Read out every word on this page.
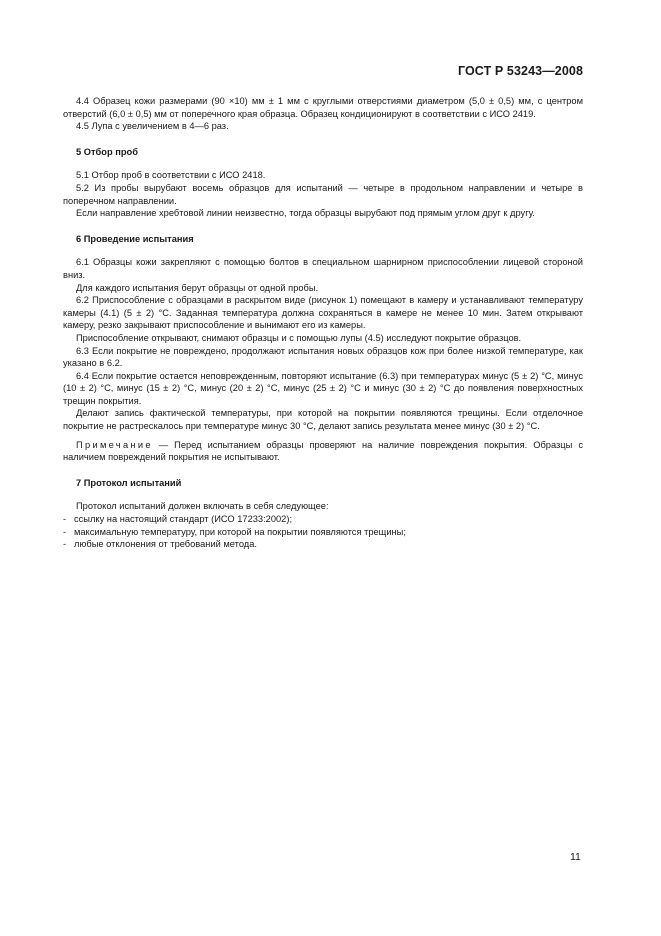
ГОСТ Р 53243—2008

4.4 Образец кожи размерами (90 ×10) мм ± 1 мм с круглыми отверстиями диаметром (5,0 ± 0,5) мм, с центром отверстий (6,0 ± 0,5) мм от поперечного края образца. Образец кондиционируют в соответствии с ИСО 2419.

4.5 Лупа с увеличением в 4—6 раз.

5 Отбор проб

5.1 Отбор проб в соответствии с ИСО 2418.

5.2 Из пробы вырубают восемь образцов для испытаний — четыре в продольном направлении и четыре в поперечном направлении.

Если направление хребтовой линии неизвестно, тогда образцы вырубают под прямым углом друг к другу.

6 Проведение испытания

6.1 Образцы кожи закрепляют с помощью болтов в специальном шарнирном приспособлении лицевой стороной вниз.

Для каждого испытания берут образцы от одной пробы.

6.2 Приспособление с образцами в раскрытом виде (рисунок 1) помещают в камеру и устанавливают температуру камеры (4.1) (5 ± 2) °С. Заданная температура должна сохраняться в камере не менее 10 мин. Затем открывают камеру, резко закрывают приспособление и вынимают его из камеры.

Приспособление открывают, снимают образцы и с помощью лупы (4.5) исследуют покрытие образцов.

6.3 Если покрытие не повреждено, продолжают испытания новых образцов кож при более низкой температуре, как указано в 6.2.

6.4 Если покрытие остается неповрежденным, повторяют испытание (6.3) при температурах минус (5 ± 2) °С, минус (10 ± 2) °С, минус (15 ± 2) °С, минус (20 ± 2) °С, минус (25 ± 2) °С и минус (30 ± 2) °С до появления поверхностных трещин покрытия.

Делают запись фактической температуры, при которой на покрытии появляются трещины. Если отделочное покрытие не растрескалось при температуре минус 30 °С, делают запись результата менее минус (30 ± 2) °С.

Примечание — Перед испытанием образцы проверяют на наличие повреждения покрытия. Образцы с наличием повреждений покрытия не испытывают.

7 Протокол испытаний

Протокол испытаний должен включать в себя следующее:

- ссылку на настоящий стандарт (ИСО 17233:2002);

- максимальную температуру, при которой на покрытии появляются трещины;

- любые отклонения от требований метода.

11
